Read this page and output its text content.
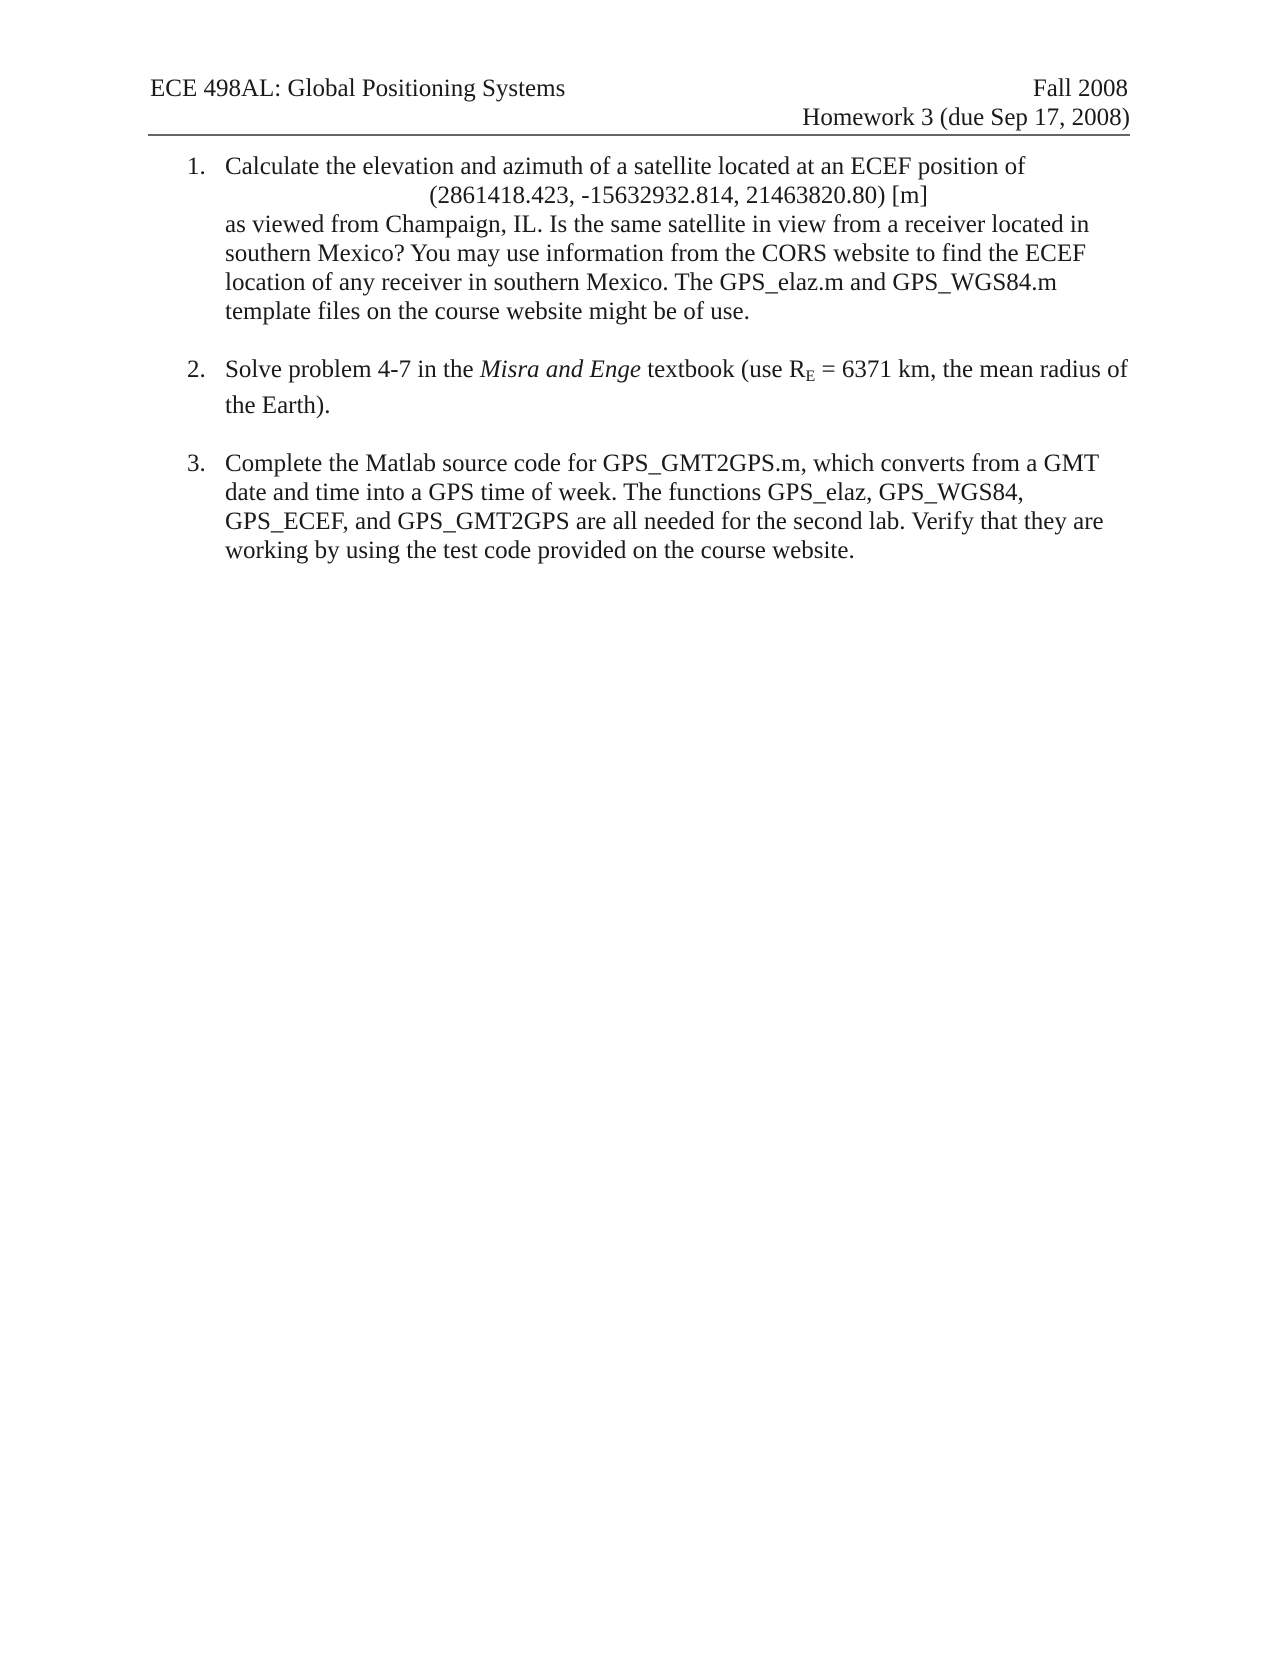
ECE 498AL: Global Positioning Systems	Fall 2008
Homework 3 (due Sep 17, 2008)
1. Calculate the elevation and azimuth of a satellite located at an ECEF position of
(2861418.423, -15632932.814, 21463820.80) [m]
as viewed from Champaign, IL. Is the same satellite in view from a receiver located in southern Mexico? You may use information from the CORS website to find the ECEF location of any receiver in southern Mexico. The GPS_elaz.m and GPS_WGS84.m template files on the course website might be of use.
2. Solve problem 4-7 in the Misra and Enge textbook (use $R_E = 6371$ km, the mean radius of the Earth).
3. Complete the Matlab source code for GPS_GMT2GPS.m, which converts from a GMT date and time into a GPS time of week. The functions GPS_elaz, GPS_WGS84, GPS_ECEF, and GPS_GMT2GPS are all needed for the second lab. Verify that they are working by using the test code provided on the course website.
